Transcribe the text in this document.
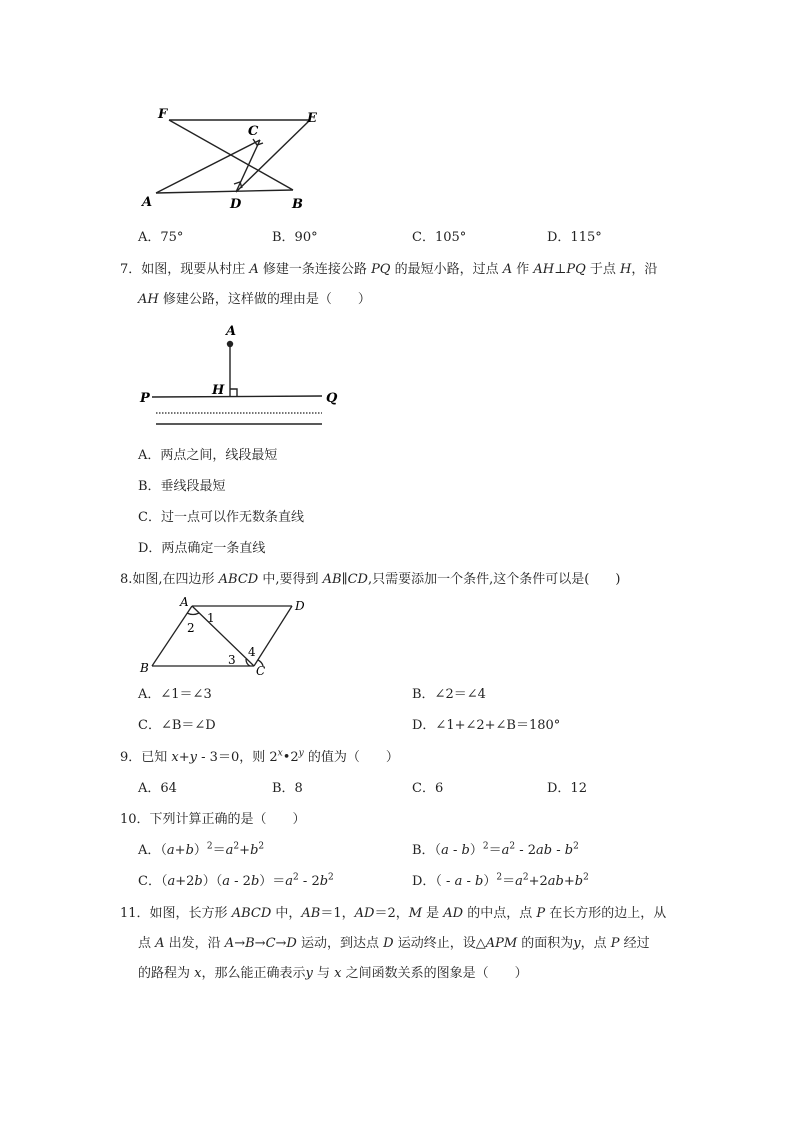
F	E
C
A	D	B
A．75°	B．90°	C．105°	D．115°
7．如图，现要从村庄 A 修建一条连接公路 PQ 的最短小路，过点 A 作 AH⊥PQ 于点 H，沿
AH 修建公路，这样做的理由是（　　）
A
H
P	Q
A．两点之间，线段最短
B．垂线段最短
C．过一点可以作无数条直线
D．两点确定一条直线
8.如图,在四边形 ABCD 中,要得到 AB∥CD,只需要添加一个条件,这个条件可以是(　　)
A	D
B	C
1
2
3
4
A．∠1＝∠3	B．∠2＝∠4
C．∠B＝∠D	D．∠1+∠2+∠B＝180°
9．已知 x+y - 3＝0，则 2$^x$•2$^y$ 的值为（　　）
A．64	B．8	C．6	D．12
10．下列计算正确的是（　　）
A．$(a+b)^2=a^2+b^2$	B．$(a - b)^2=a^2 - 2ab - b^2$
C．$(a+2b)(a - 2b)=a^2 - 2b^2$	D．（ - $a - b)^2=a^2+2ab+b^2$
11．如图，长方形 ABCD 中，AB＝1，AD＝2，M 是 AD 的中点，点 P 在长方形的边上，从
点 A 出发，沿 A→B→C→D 运动，到达点 D 运动终止，设△APM 的面积为y，点 P 经过
的路程为 x，那么能正确表示y 与 x 之间函数关系的图象是（　　）
